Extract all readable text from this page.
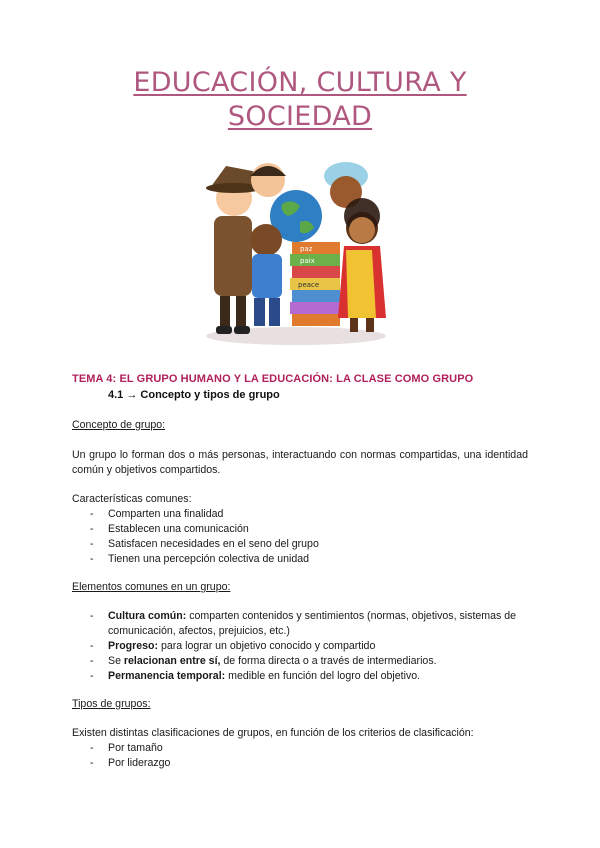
EDUCACIÓN, CULTURA Y
SOCIEDAD
paz
paix
peace
TEMA 4: EL GRUPO HUMANO Y LA EDUCACIÓN: LA CLASE COMO GRUPO
4.1 → Concepto y tipos de grupo
Concepto de grupo:
Un grupo lo forman dos o más personas, interactuando con normas compartidas, una identidad común y objetivos compartidos.
Características comunes:
- Comparten una finalidad
- Establecen una comunicación
- Satisfacen necesidades en el seno del grupo
- Tienen una percepción colectiva de unidad
Elementos comunes en un grupo:
- Cultura común: comparten contenidos y sentimientos (normas, objetivos, sistemas de comunicación, afectos, prejuicios, etc.)
- Progreso: para lograr un objetivo conocido y compartido
- Se relacionan entre sí, de forma directa o a través de intermediarios.
- Permanencia temporal: medible en función del logro del objetivo.
Tipos de grupos:
Existen distintas clasificaciones de grupos, en función de los criterios de clasificación:
- Por tamaño
- Por liderazgo
